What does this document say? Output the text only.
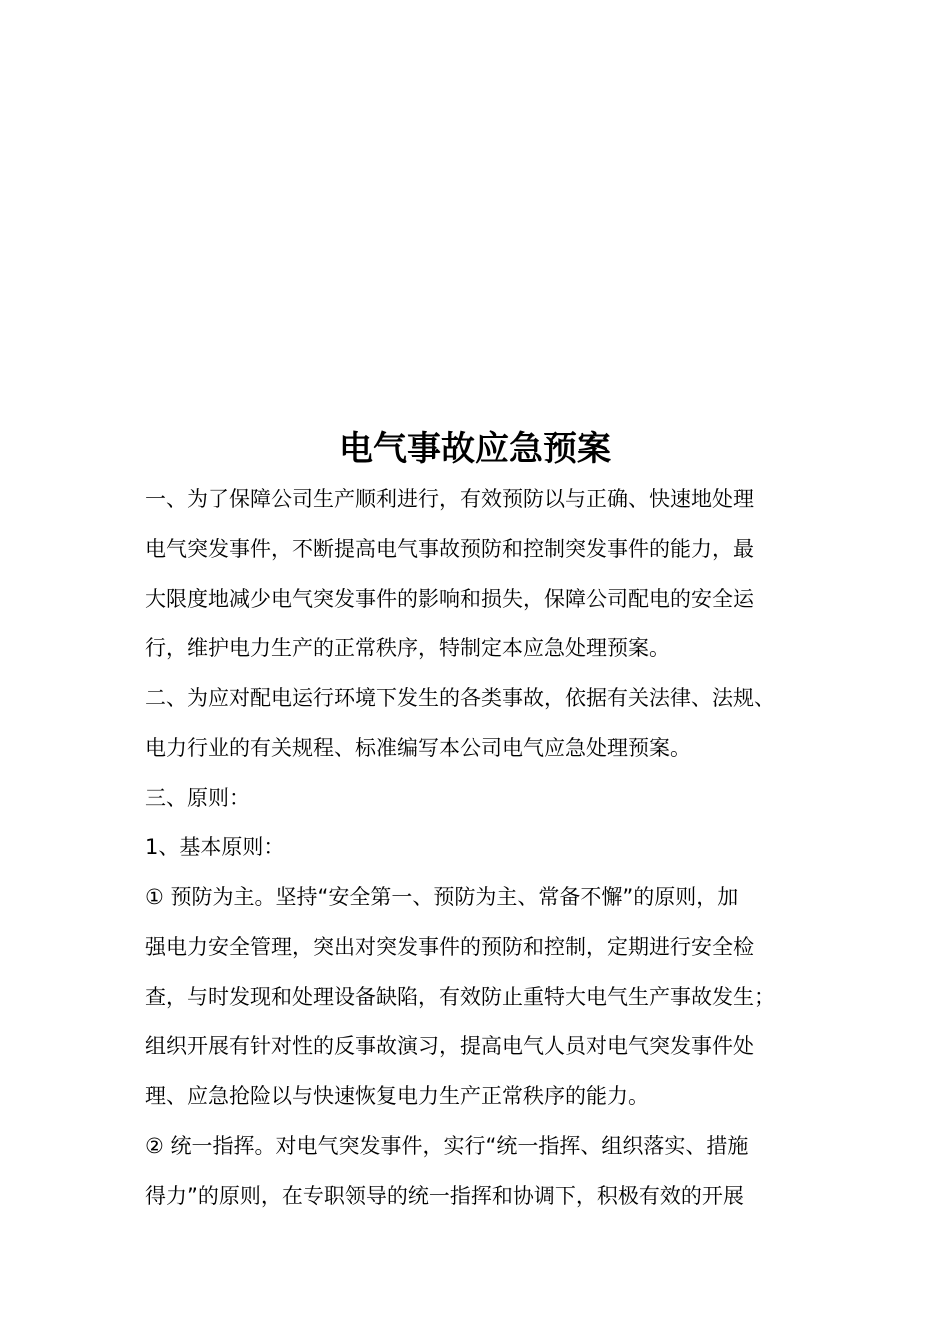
电气事故应急预案
一、为了保障公司生产顺利进行，有效预防以与正确、快速地处理
电气突发事件，不断提高电气事故预防和控制突发事件的能力，最
大限度地减少电气突发事件的影响和损失，保障公司配电的安全运
行，维护电力生产的正常秩序，特制定本应急处理预案。
二、为应对配电运行环境下发生的各类事故，依据有关法律、法规、
电力行业的有关规程、标准编写本公司电气应急处理预案。
三、原则：
1、基本原则：
① 预防为主。坚持“安全第一、预防为主、常备不懈”的原则，加
强电力安全管理，突出对突发事件的预防和控制，定期进行安全检
查，与时发现和处理设备缺陷，有效防止重特大电气生产事故发生；
组织开展有针对性的反事故演习，提高电气人员对电气突发事件处
理、应急抢险以与快速恢复电力生产正常秩序的能力。
② 统一指挥。对电气突发事件，实行“统一指挥、组织落实、措施
得力”的原则，在专职领导的统一指挥和协调下，积极有效的开展
